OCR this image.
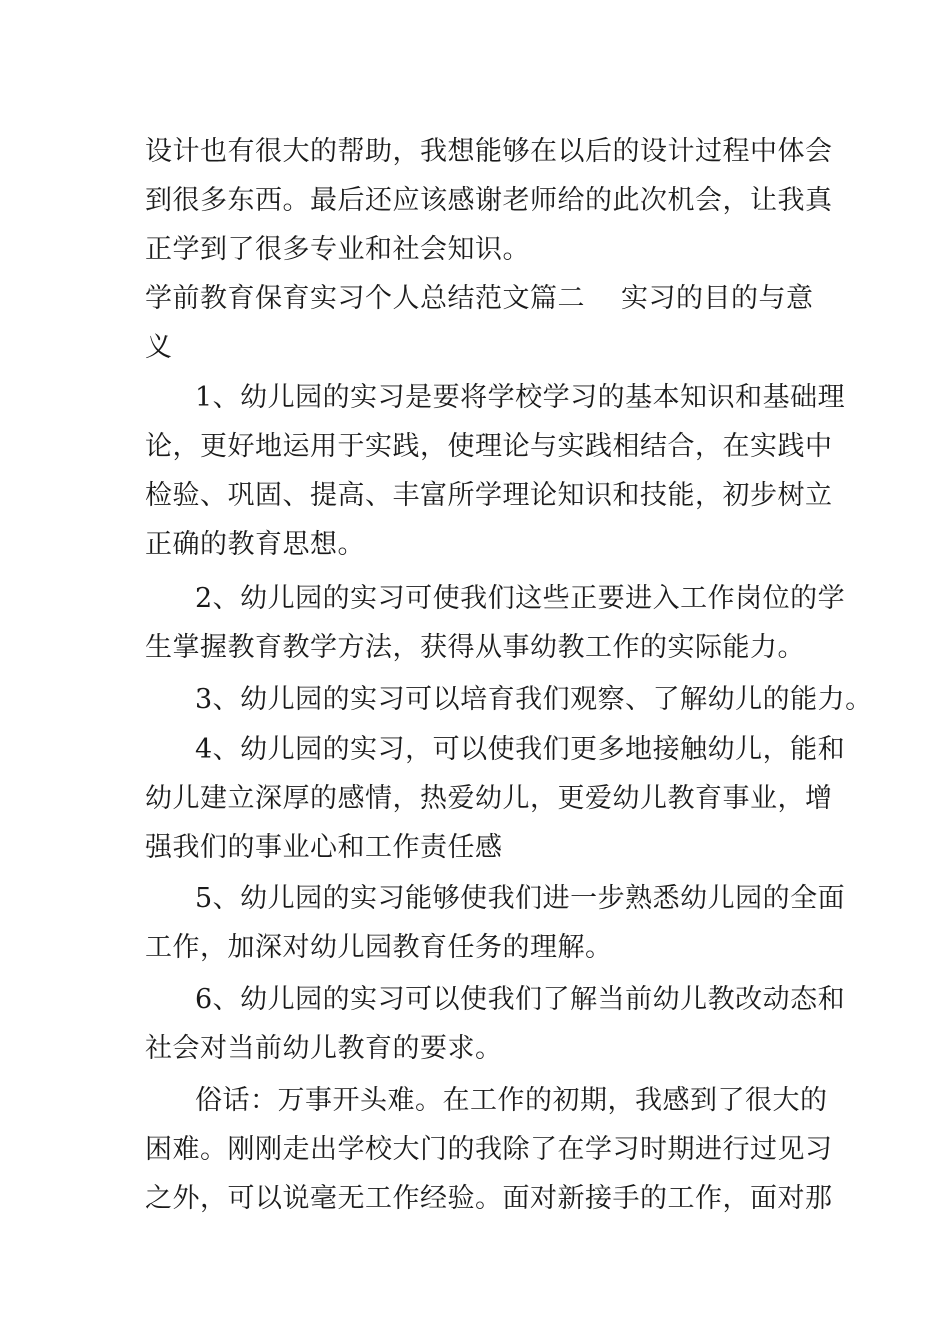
设计也有很大的帮助，我想能够在以后的设计过程中体会
到很多东西。最后还应该感谢老师给的此次机会，让我真
正学到了很多专业和社会知识。
学前教育保育实习个人总结范文篇二	实习的目的与意
义
1、幼儿园的实习是要将学校学习的基本知识和基础理
论，更好地运用于实践，使理论与实践相结合，在实践中
检验、巩固、提高、丰富所学理论知识和技能，初步树立
正确的教育思想。
2、幼儿园的实习可使我们这些正要进入工作岗位的学
生掌握教育教学方法，获得从事幼教工作的实际能力。
3、幼儿园的实习可以培育我们观察、了解幼儿的能力。
4、幼儿园的实习，可以使我们更多地接触幼儿，能和
幼儿建立深厚的感情，热爱幼儿，更爱幼儿教育事业，增
强我们的事业心和工作责任感
5、幼儿园的实习能够使我们进一步熟悉幼儿园的全面
工作，加深对幼儿园教育任务的理解。
6、幼儿园的实习可以使我们了解当前幼儿教改动态和
社会对当前幼儿教育的要求。
俗话：万事开头难。在工作的初期，我感到了很大的
困难。刚刚走出学校大门的我除了在学习时期进行过见习
之外，可以说毫无工作经验。面对新接手的工作，面对那
